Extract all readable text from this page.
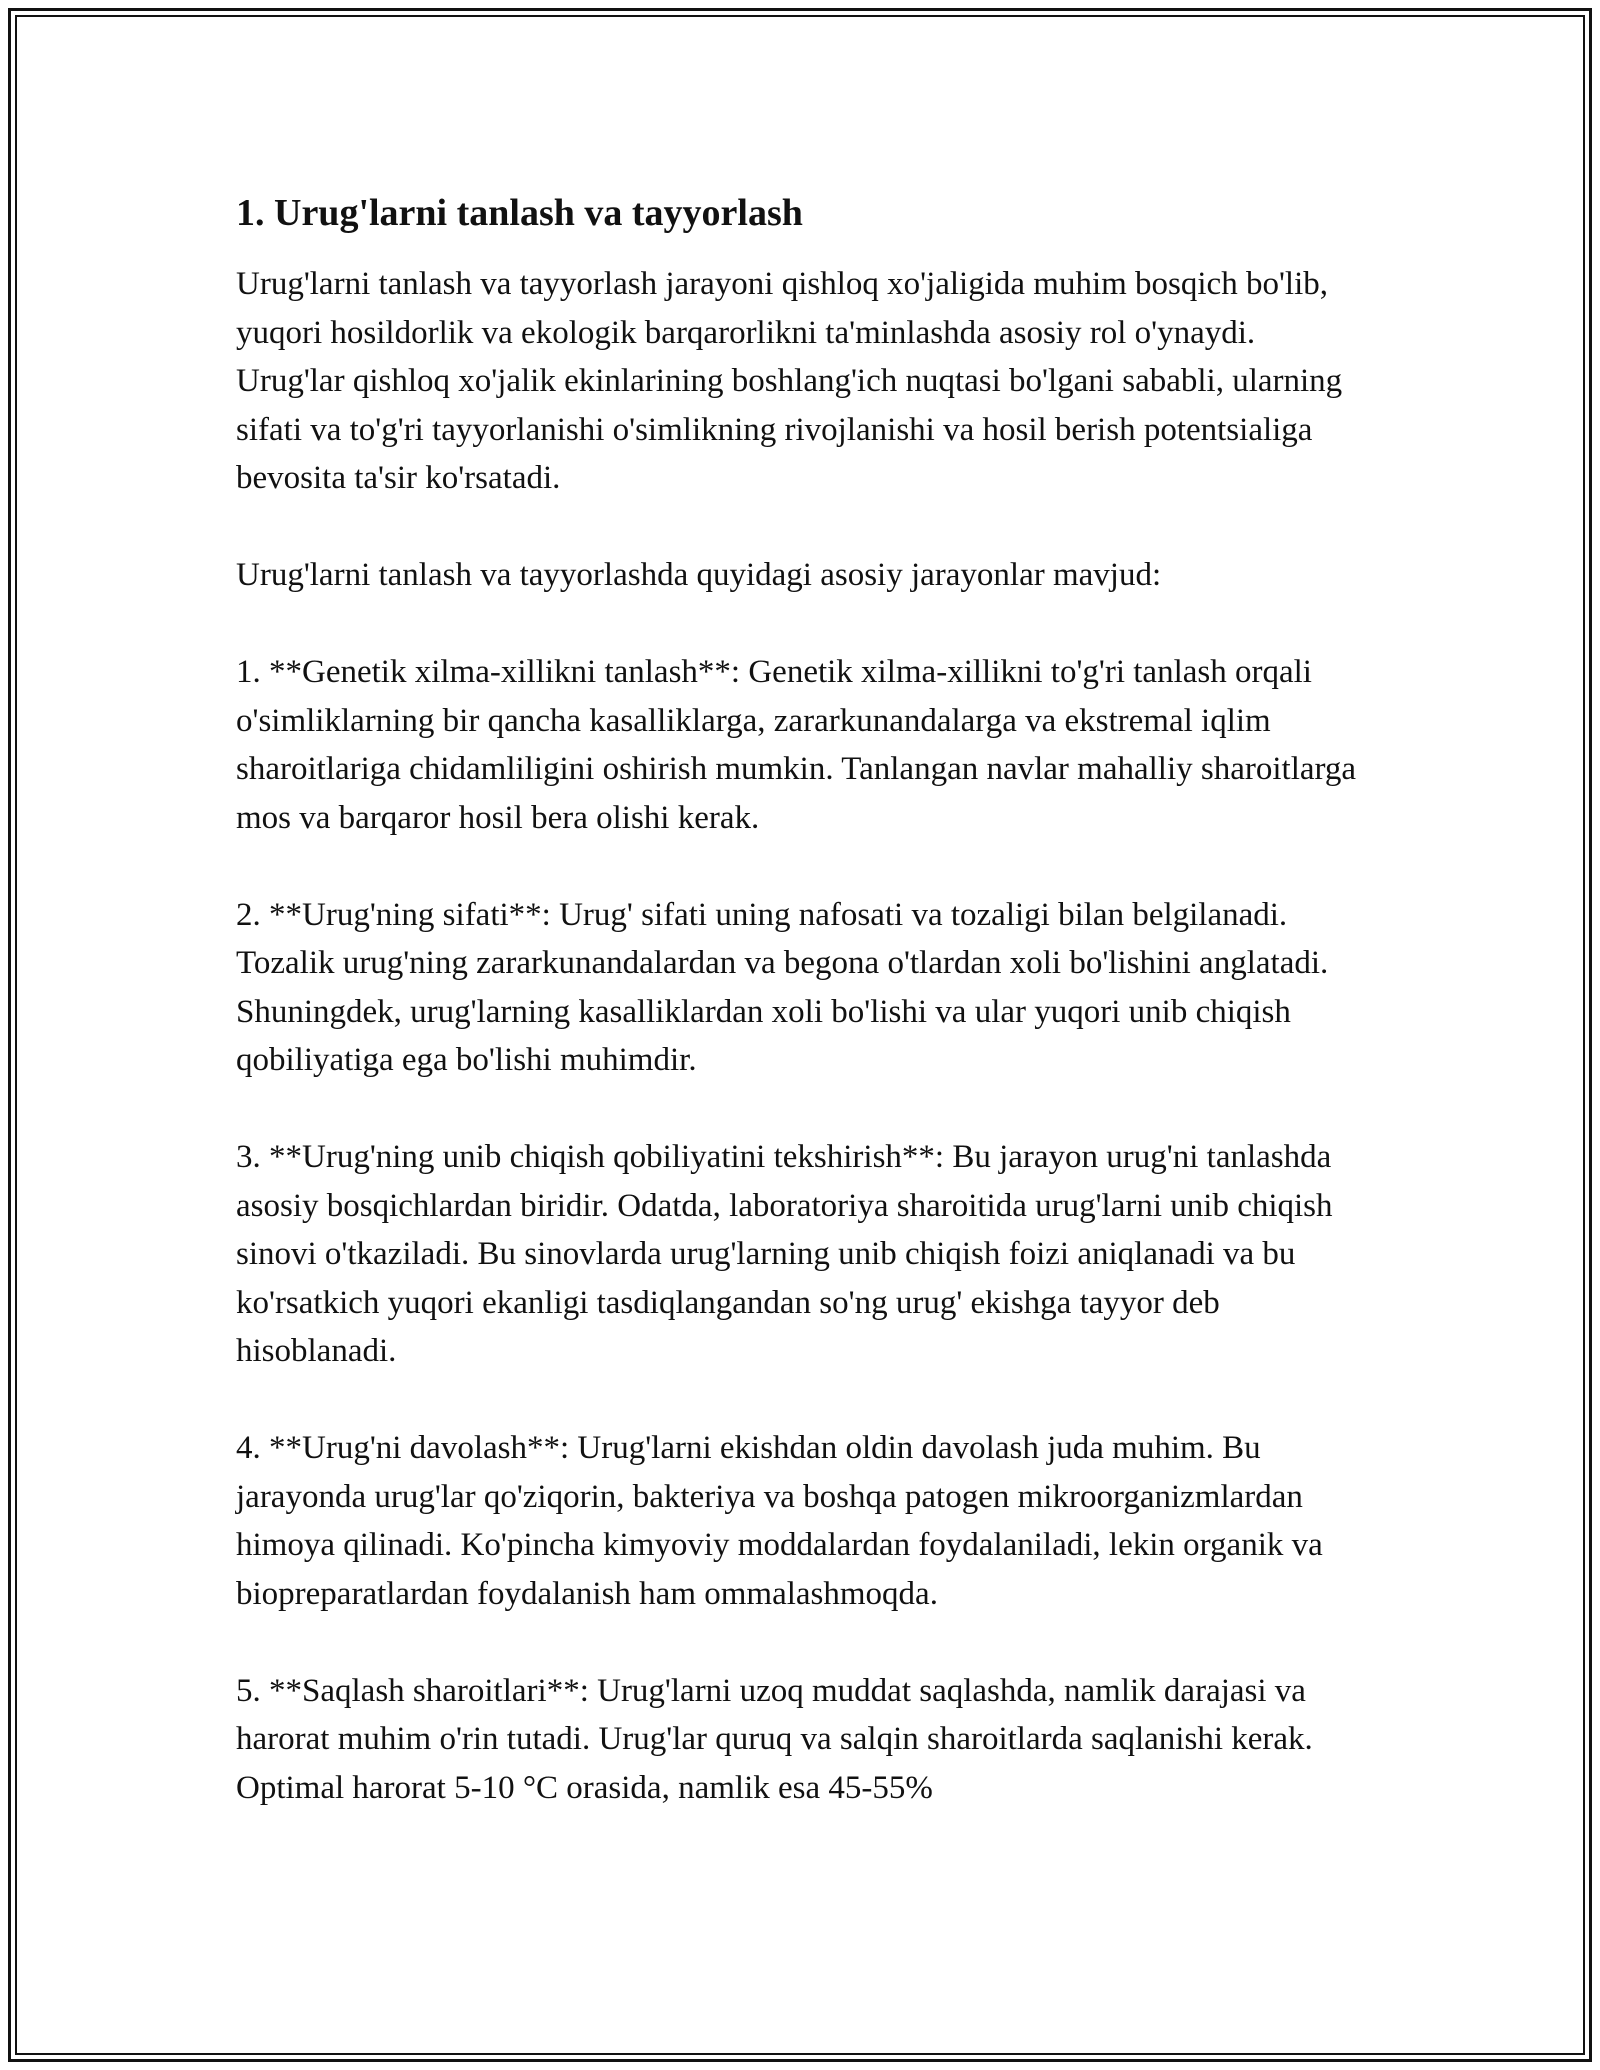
1. Urug'larni tanlash va tayyorlash

Urug'larni tanlash va tayyorlash jarayoni qishloq xo'jaligida muhim bosqich bo'lib, yuqori hosildorlik va ekologik barqarorlikni ta'minlashda asosiy rol o'ynaydi. Urug'lar qishloq xo'jalik ekinlarining boshlang'ich nuqtasi bo'lgani sababli, ularning sifati va to'g'ri tayyorlanishi o'simlikning rivojlanishi va hosil berish potentsialiga bevosita ta'sir ko'rsatadi.

Urug'larni tanlash va tayyorlashda quyidagi asosiy jarayonlar mavjud:

1. **Genetik xilma-xillikni tanlash**: Genetik xilma-xillikni to'g'ri tanlash orqali o'simliklarning bir qancha kasalliklarga, zararkunandalarga va ekstremal iqlim sharoitlariga chidamliligini oshirish mumkin. Tanlangan navlar mahalliy sharoitlarga mos va barqaror hosil bera olishi kerak.

2. **Urug'ning sifati**: Urug' sifati uning nafosati va tozaligi bilan belgilanadi. Tozalik urug'ning zararkunandalardan va begona o'tlardan xoli bo'lishini anglatadi. Shuningdek, urug'larning kasalliklardan xoli bo'lishi va ular yuqori unib chiqish qobiliyatiga ega bo'lishi muhimdir.

3. **Urug'ning unib chiqish qobiliyatini tekshirish**: Bu jarayon urug'ni tanlashda asosiy bosqichlardan biridir. Odatda, laboratoriya sharoitida urug'larni unib chiqish sinovi o'tkaziladi. Bu sinovlarda urug'larning unib chiqish foizi aniqlanadi va bu ko'rsatkich yuqori ekanligi tasdiqlangandan so'ng urug' ekishga tayyor deb hisoblanadi.

4. **Urug'ni davolash**: Urug'larni ekishdan oldin davolash juda muhim. Bu jarayonda urug'lar qo'ziqorin, bakteriya va boshqa patogen mikroorganizmlardan himoya qilinadi. Ko'pincha kimyoviy moddalardan foydalaniladi, lekin organik va biopreparatlardan foydalanish ham ommalashmoqda.

5. **Saqlash sharoitlari**: Urug'larni uzoq muddat saqlashda, namlik darajasi va harorat muhim o'rin tutadi. Urug'lar quruq va salqin sharoitlarda saqlanishi kerak. Optimal harorat 5-10 °C orasida, namlik esa 45-55%
